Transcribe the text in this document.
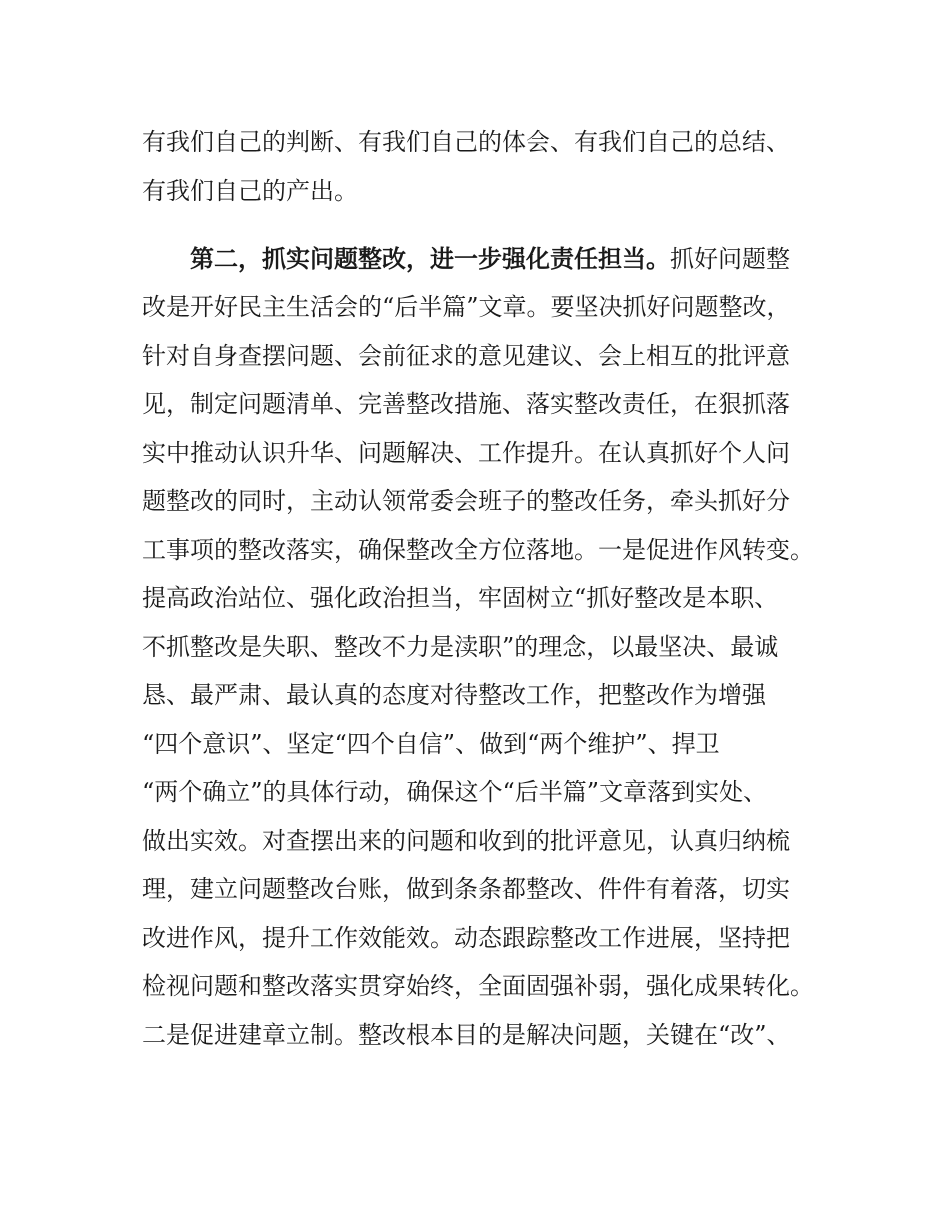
有我们自己的判断、有我们自己的体会、有我们自己的总结、
有我们自己的产出。
第二，抓实问题整改，进一步强化责任担当。抓好问题整
改是开好民主生活会的“后半篇”文章。要坚决抓好问题整改，
针对自身查摆问题、会前征求的意见建议、会上相互的批评意
见，制定问题清单、完善整改措施、落实整改责任，在狠抓落
实中推动认识升华、问题解决、工作提升。在认真抓好个人问
题整改的同时，主动认领常委会班子的整改任务，牵头抓好分
工事项的整改落实，确保整改全方位落地。一是促进作风转变。
提高政治站位、强化政治担当，牢固树立“抓好整改是本职、
不抓整改是失职、整改不力是渎职”的理念，以最坚决、最诚
恳、最严肃、最认真的态度对待整改工作，把整改作为增强
“四个意识”、坚定“四个自信”、做到“两个维护”、捍卫
“两个确立”的具体行动，确保这个“后半篇”文章落到实处、
做出实效。对查摆出来的问题和收到的批评意见，认真归纳梳
理，建立问题整改台账，做到条条都整改、件件有着落，切实
改进作风，提升工作效能效。动态跟踪整改工作进展，坚持把
检视问题和整改落实贯穿始终，全面固强补弱，强化成果转化。
二是促进建章立制。整改根本目的是解决问题，关键在“改”、
